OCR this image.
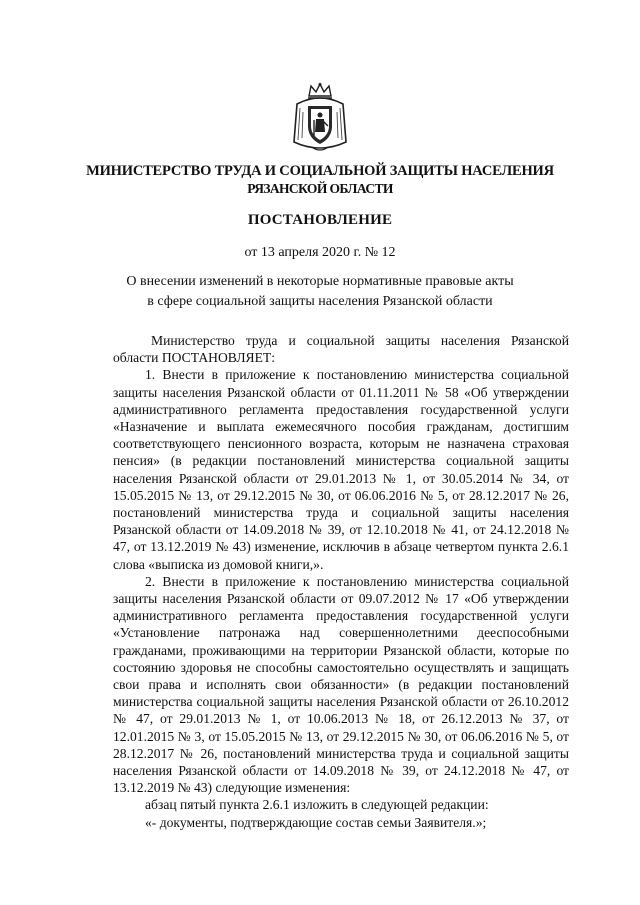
МИНИСТЕРСТВО ТРУДА И СОЦИАЛЬНОЙ ЗАЩИТЫ НАСЕЛЕНИЯ
РЯЗАНСКОЙ ОБЛАСТИ
ПОСТАНОВЛЕНИЕ
от 13 апреля 2020 г. № 12
О внесении изменений в некоторые нормативные правовые акты
в сфере социальной защиты населения Рязанской области

Министерство труда и социальной защиты населения Рязанской области ПОСТАНОВЛЯЕТ:

1. Внести в приложение к постановлению министерства социальной защиты населения Рязанской области от 01.11.2011 № 58 «Об утверждении административного регламента предоставления государственной услуги «Назначение и выплата ежемесячного пособия гражданам, достигшим соответствующего пенсионного возраста, которым не назначена страховая пенсия» (в редакции постановлений министерства социальной защиты населения Рязанской области от 29.01.2013 № 1, от 30.05.2014 № 34, от 15.05.2015 № 13, от 29.12.2015 № 30, от 06.06.2016 № 5, от 28.12.2017 № 26, постановлений министерства труда и социальной защиты населения Рязанской области от 14.09.2018 № 39, от 12.10.2018 № 41, от 24.12.2018 № 47, от 13.12.2019 № 43) изменение, исключив в абзаце четвертом пункта 2.6.1 слова «выписка из домовой книги,».

2. Внести в приложение к постановлению министерства социальной защиты населения Рязанской области от 09.07.2012 № 17 «Об утверждении административного регламента предоставления государственной услуги «Установление патронажа над совершеннолетними дееспособными гражданами, проживающими на территории Рязанской области, которые по состоянию здоровья не способны самостоятельно осуществлять и защищать свои права и исполнять свои обязанности» (в редакции постановлений министерства социальной защиты населения Рязанской области от 26.10.2012 № 47, от 29.01.2013 № 1, от 10.06.2013 № 18, от 26.12.2013 № 37, от 12.01.2015 № 3, от 15.05.2015 № 13, от 29.12.2015 № 30, от 06.06.2016 № 5, от 28.12.2017 № 26, постановлений министерства труда и социальной защиты населения Рязанской области от 14.09.2018 № 39, от 24.12.2018 № 47, от 13.12.2019 № 43) следующие изменения:

абзац пятый пункта 2.6.1 изложить в следующей редакции:

«- документы, подтверждающие состав семьи Заявителя.»;
